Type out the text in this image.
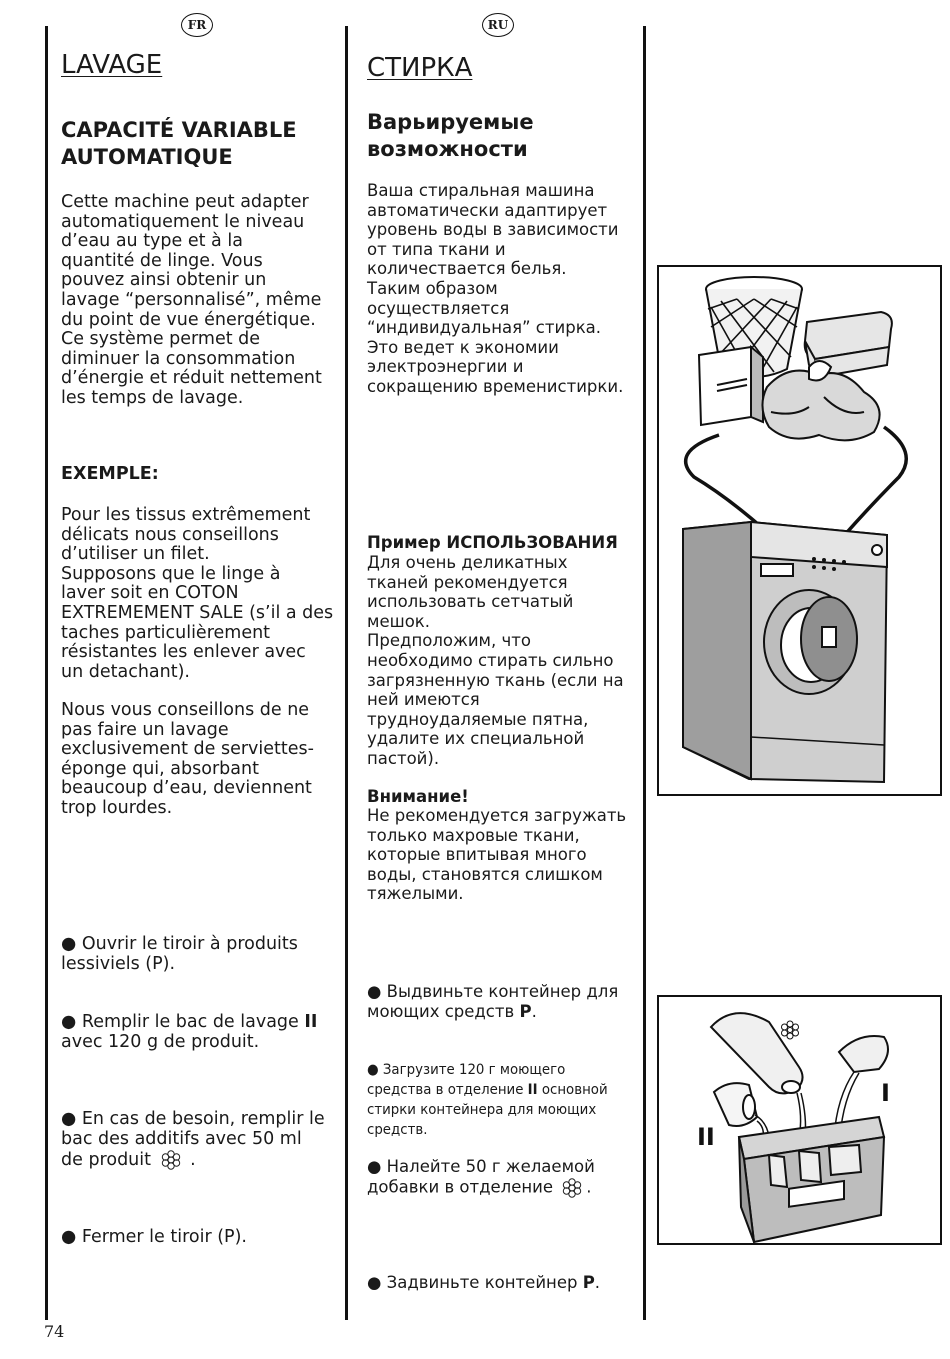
FR	RU
LAVAGE
CAPACITÉ VARIABLE
AUTOMATIQUE

Cette machine peut adapter
automatiquement le niveau
d’eau au type et à la
quantité de linge. Vous
pouvez ainsi obtenir un
lavage “personnalisé”, même
du point de vue énergétique.
Ce système permet de
diminuer la consommation
d’énergie et réduit nettement
les temps de lavage.

EXEMPLE:

Pour les tissus extrêmement
délicats nous conseillons
d’utiliser un filet.
Supposons que le linge à
laver soit en COTON
EXTREMEMENT SALE (s’il a des
taches particulièrement
résistantes les enlever avec
un detachant).

Nous vous conseillons de ne
pas faire un lavage
exclusivement de serviettes-
éponge qui, absorbant
beaucoup d’eau, deviennent
trop lourdes.

● Ouvrir le tiroir à produits
lessiviels (P).

● Remplir le bac de lavage II
avec 120 g de produit.

● En cas de besoin, remplir le
bac des additifs avec 50 ml
de produit  .

● Fermer le tiroir (P).

СТИРКА
Варьируемые
возможности

Ваша стиральная машина
автоматически адаптирует
уровень воды в зависимости
от типа ткани и
количествается белья.
Таким образом
осуществляется
“индивидуальная” стирка.
Это ведет к экономии
электроэнергии и
сокращению временистирки.

Пример ИСПОЛЬЗОВАНИЯ

Для очень деликатных
тканей рекомендуется
использовать сетчатый
мешок.
Предположим, что
необходимо стирать сильно
загрязненную ткань (если на
ней имеются
трудноудаляемые пятна,
удалите их специальной
пастой).

Внимание!

Не рекомендуется загружать
только махровые ткани,
которые впитывая много
воды, становятся слишком
тяжелыми.

● Выдвиньте контейнер для
моющих средств P.

● Загрузите 120 г моющего
средства в отделение II основной
стирки контейнера для моющих
средств.

● Налейте 50 г желаемой
добавки в отделение .

● Задвиньте контейнер P.

II
I
74
